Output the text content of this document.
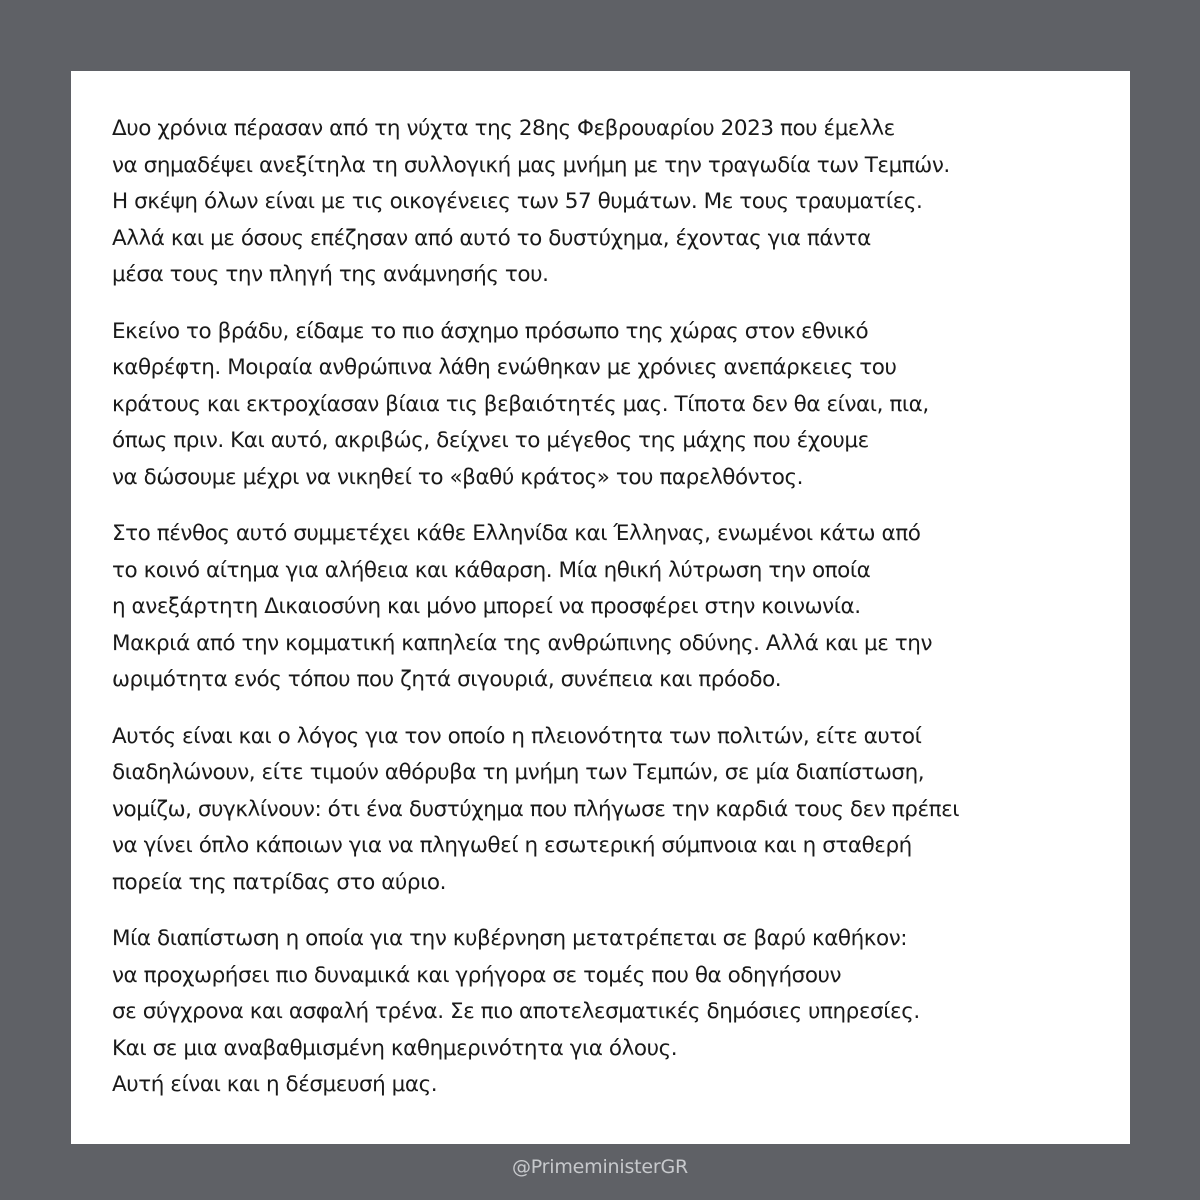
Δυο χρόνια πέρασαν από τη νύχτα της 28ης Φεβρουαρίου 2023 που έμελλε
να σημαδέψει ανεξίτηλα τη συλλογική μας μνήμη με την τραγωδία των Τεμπών.
Η σκέψη όλων είναι με τις οικογένειες των 57 θυμάτων. Με τους τραυματίες.
Αλλά και με όσους επέζησαν από αυτό το δυστύχημα, έχοντας για πάντα
μέσα τους την πληγή της ανάμνησής του.
Εκείνο το βράδυ, είδαμε το πιο άσχημο πρόσωπο της χώρας στον εθνικό
καθρέφτη. Μοιραία ανθρώπινα λάθη ενώθηκαν με χρόνιες ανεπάρκειες του
κράτους και εκτροχίασαν βίαια τις βεβαιότητές μας. Τίποτα δεν θα είναι, πια,
όπως πριν. Και αυτό, ακριβώς, δείχνει το μέγεθος της μάχης που έχουμε
να δώσουμε μέχρι να νικηθεί το «βαθύ κράτος» του παρελθόντος.
Στο πένθος αυτό συμμετέχει κάθε Ελληνίδα και Έλληνας, ενωμένοι κάτω από
το κοινό αίτημα για αλήθεια και κάθαρση. Μία ηθική λύτρωση την οποία
η ανεξάρτητη Δικαιοσύνη και μόνο μπορεί να προσφέρει στην κοινωνία.
Μακριά από την κομματική καπηλεία της ανθρώπινης οδύνης. Αλλά και με την
ωριμότητα ενός τόπου που ζητά σιγουριά, συνέπεια και πρόοδο.
Αυτός είναι και ο λόγος για τον οποίο η πλειονότητα των πολιτών, είτε αυτοί
διαδηλώνουν, είτε τιμούν αθόρυβα τη μνήμη των Τεμπών, σε μία διαπίστωση,
νομίζω, συγκλίνουν: ότι ένα δυστύχημα που πλήγωσε την καρδιά τους δεν πρέπει
να γίνει όπλο κάποιων για να πληγωθεί η εσωτερική σύμπνοια και η σταθερή
πορεία της πατρίδας στο αύριο.
Μία διαπίστωση η οποία για την κυβέρνηση μετατρέπεται σε βαρύ καθήκον:
να προχωρήσει πιο δυναμικά και γρήγορα σε τομές που θα οδηγήσουν
σε σύγχρονα και ασφαλή τρένα. Σε πιο αποτελεσματικές δημόσιες υπηρεσίες.
Και σε μια αναβαθμισμένη καθημερινότητα για όλους.
Αυτή είναι και η δέσμευσή μας.
@PrimeministerGR
